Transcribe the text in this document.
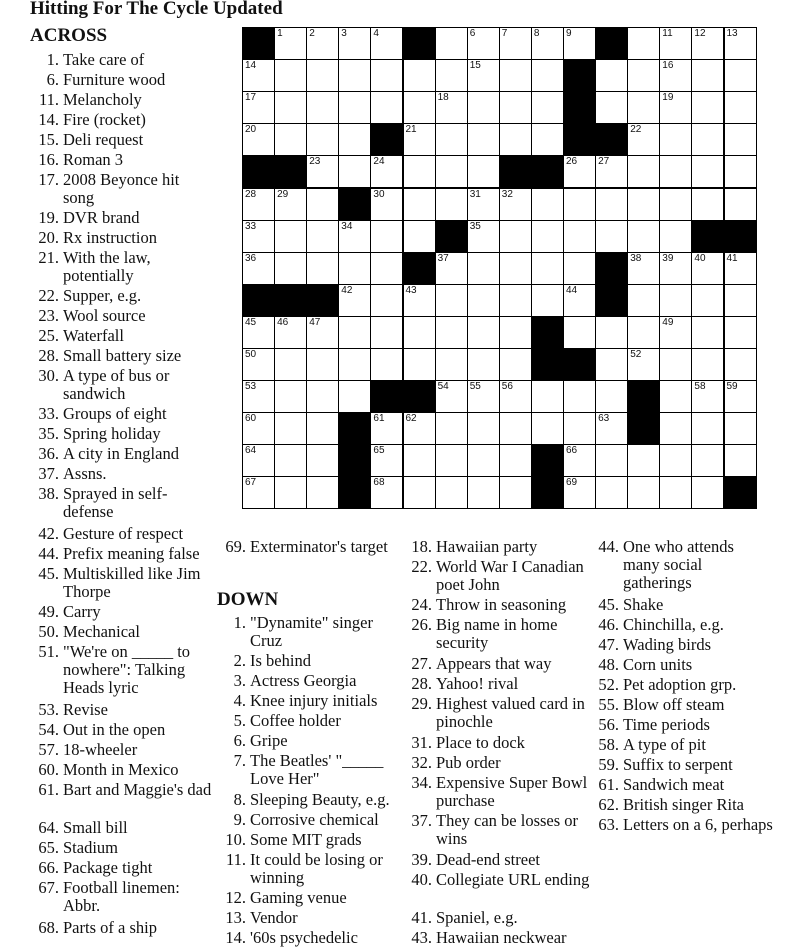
Hitting For The Cycle Updated
ACROSS
DOWN
1	2	3	4	6	7	8	9	11 12 13
14	15	16
17	18	19
20	21	22
23	24	26 27
28 29	30	31 32
33	34	35
36	37	38 39 40 41
42	43	44
45 46 47	49
50	52
53	54 55 56	58 59
60	61 62	63
64	65	66
67	68	69
1. Take care of
6. Furniture wood
11. Melancholy
14. Fire (rocket)
15. Deli request
16. Roman 3
17. 2008 Beyonce hit song
19. DVR brand
20. Rx instruction
21. With the law, potentially
22. Supper, e.g.
23. Wool source
25. Waterfall
28. Small battery size
30. A type of bus or sandwich
33. Groups of eight
35. Spring holiday
36. A city in England
37. Assns.
38. Sprayed in self-defense
42. Gesture of respect
44. Prefix meaning false
45. Multiskilled like Jim Thorpe
49. Carry
50. Mechanical
51. "We're on _____ to nowhere": Talking Heads lyric
53. Revise
54. Out in the open
57. 18-wheeler
60. Month in Mexico
61. Bart and Maggie's dad
64. Small bill
65. Stadium
66. Package tight
67. Football linemen: Abbr.
68. Parts of a ship
69. Exterminator's target
1. "Dynamite" singer Cruz
2. Is behind
3. Actress Georgia
4. Knee injury initials
5. Coffee holder
6. Gripe
7. The Beatles' "_____ Love Her"
8. Sleeping Beauty, e.g.
9. Corrosive chemical
10. Some MIT grads
11. It could be losing or winning
12. Gaming venue
13. Vendor
14. '60s psychedelic
18. Hawaiian party
22. World War I Canadian poet John
24. Throw in seasoning
26. Big name in home security
27. Appears that way
28. Yahoo! rival
29. Highest valued card in pinochle
31. Place to dock
32. Pub order
34. Expensive Super Bowl purchase
37. They can be losses or wins
39. Dead-end street
40. Collegiate URL ending
41. Spaniel, e.g.
43. Hawaiian neckwear
44. One who attends many social gatherings
45. Shake
46. Chinchilla, e.g.
47. Wading birds
48. Corn units
52. Pet adoption grp.
55. Blow off steam
56. Time periods
58. A type of pit
59. Suffix to serpent
61. Sandwich meat
62. British singer Rita
63. Letters on a 6, perhaps
